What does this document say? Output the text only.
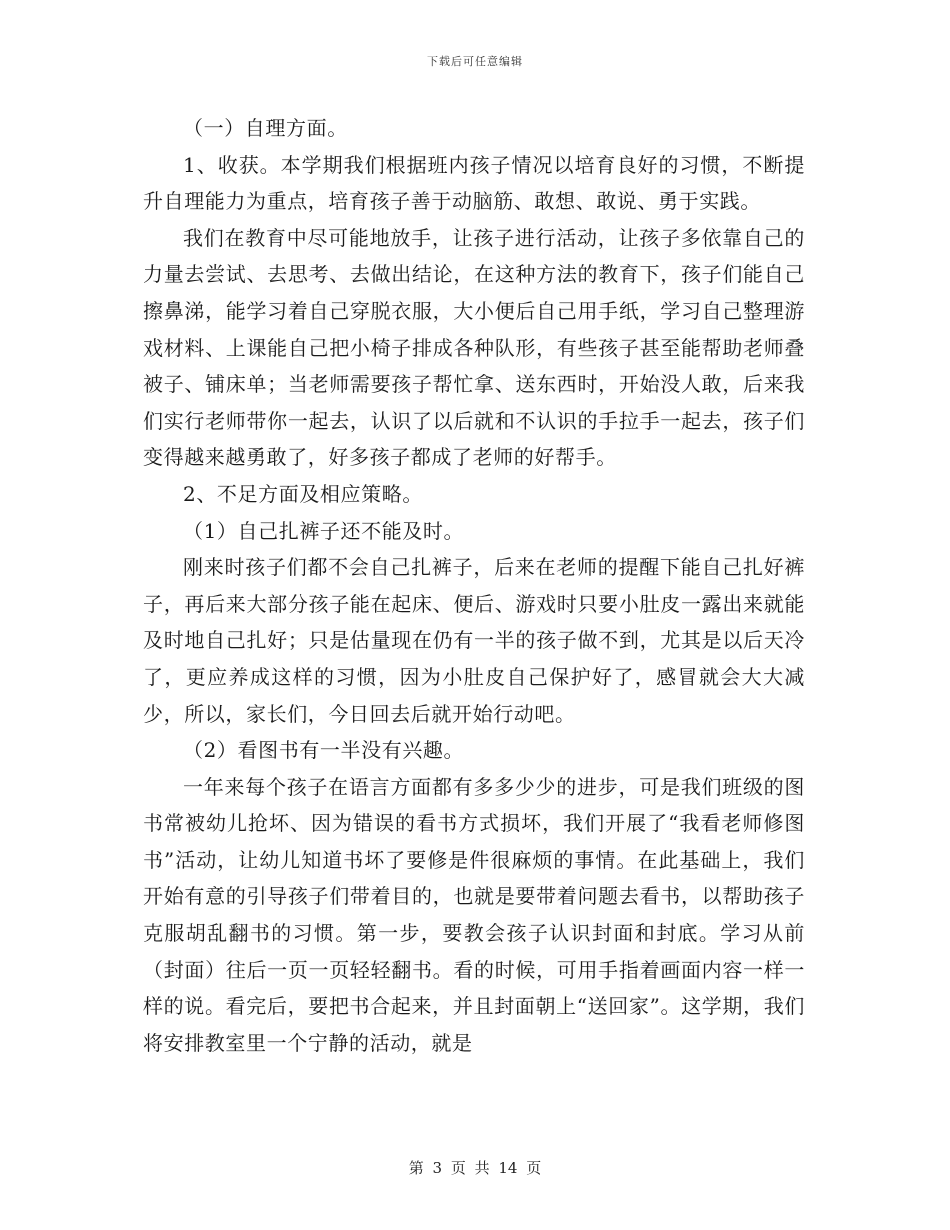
下载后可任意编辑

（一）自理方面。

1、收获。本学期我们根据班内孩子情况以培育良好的习惯，不断提升自理能力为重点，培育孩子善于动脑筋、敢想、敢说、勇于实践。

我们在教育中尽可能地放手，让孩子进行活动，让孩子多依靠自己的力量去尝试、去思考、去做出结论，在这种方法的教育下，孩子们能自己擦鼻涕，能学习着自己穿脱衣服，大小便后自己用手纸，学习自己整理游戏材料、上课能自己把小椅子排成各种队形，有些孩子甚至能帮助老师叠被子、铺床单；当老师需要孩子帮忙拿、送东西时，开始没人敢，后来我们实行老师带你一起去，认识了以后就和不认识的手拉手一起去，孩子们变得越来越勇敢了，好多孩子都成了老师的好帮手。

2、不足方面及相应策略。

（1）自己扎裤子还不能及时。

刚来时孩子们都不会自己扎裤子，后来在老师的提醒下能自己扎好裤子，再后来大部分孩子能在起床、便后、游戏时只要小肚皮一露出来就能及时地自己扎好；只是估量现在仍有一半的孩子做不到，尤其是以后天冷了，更应养成这样的习惯，因为小肚皮自己保护好了，感冒就会大大减少，所以，家长们，今日回去后就开始行动吧。

（2）看图书有一半没有兴趣。

一年来每个孩子在语言方面都有多多少少的进步，可是我们班级的图书常被幼儿抢坏、因为错误的看书方式损坏，我们开展了“我看老师修图书”活动，让幼儿知道书坏了要修是件很麻烦的事情。在此基础上，我们开始有意的引导孩子们带着目的，也就是要带着问题去看书，以帮助孩子克服胡乱翻书的习惯。第一步，要教会孩子认识封面和封底。学习从前（封面）往后一页一页轻轻翻书。看的时候，可用手指着画面内容一样一样的说。看完后，要把书合起来，并且封面朝上“送回家”。这学期，我们将安排教室里一个宁静的活动，就是

第 3 页 共 14 页
